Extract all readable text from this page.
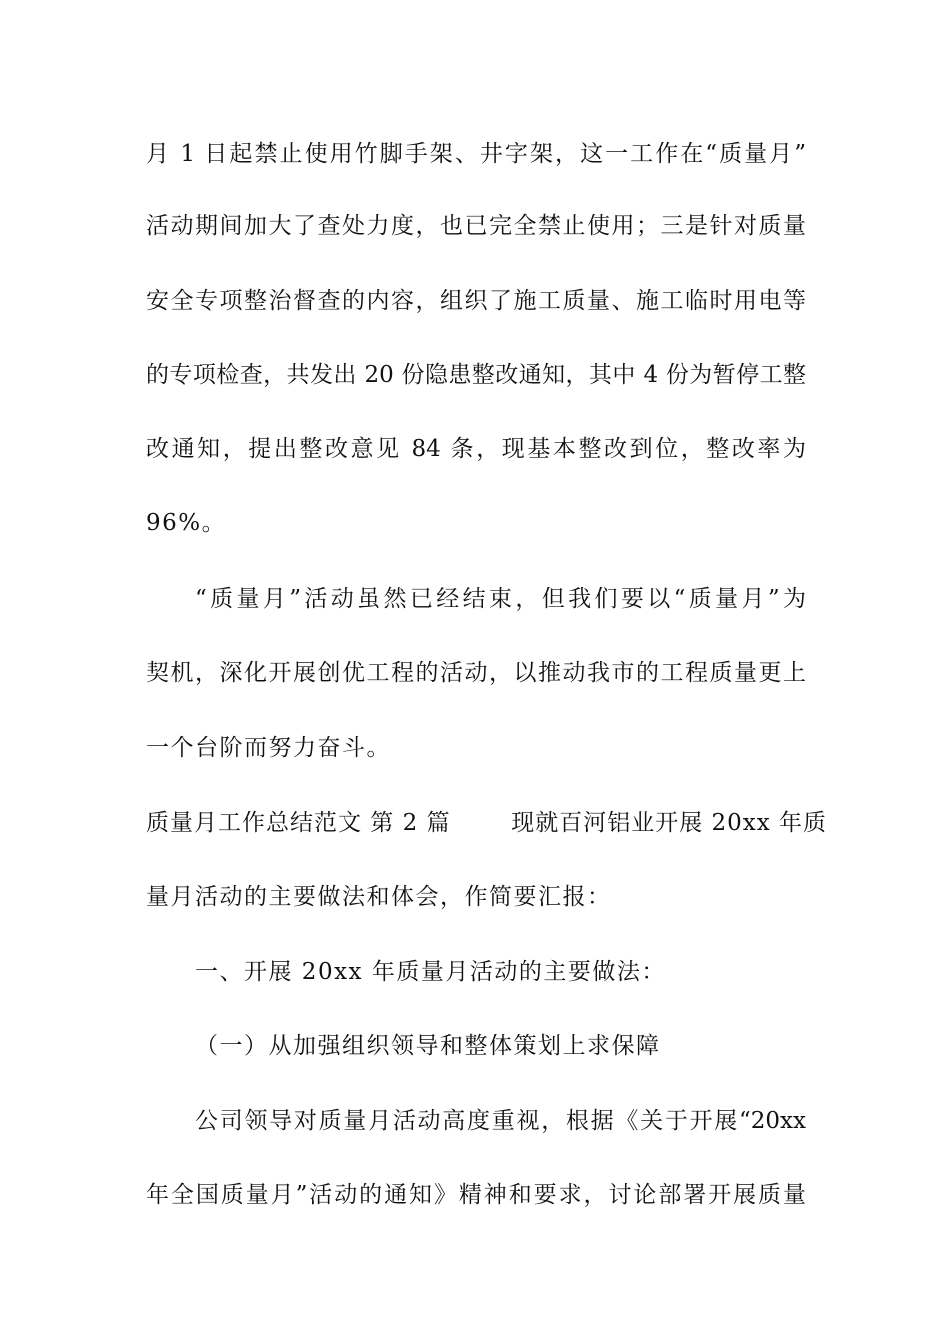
月 1 日起禁止使用竹脚手架、井字架，这一工作在“质量月”
活动期间加大了查处力度，也已完全禁止使用；三是针对质量
安全专项整治督查的内容，组织了施工质量、施工临时用电等
的专项检查，共发出 20 份隐患整改通知，其中 4 份为暂停工整
改通知，提出整改意见 84 条，现基本整改到位，整改率为
96%。
“质量月”活动虽然已经结束，但我们要以“质量月”为
契机，深化开展创优工程的活动，以推动我市的工程质量更上
一个台阶而努力奋斗。
质量月工作总结范文 第 2 篇	现就百河铝业开展 20xx 年质
量月活动的主要做法和体会，作简要汇报：
一、开展 20xx 年质量月活动的主要做法：
（一）从加强组织领导和整体策划上求保障
公司领导对质量月活动高度重视，根据《关于开展“20xx
年全国质量月”活动的通知》精神和要求，讨论部署开展质量
